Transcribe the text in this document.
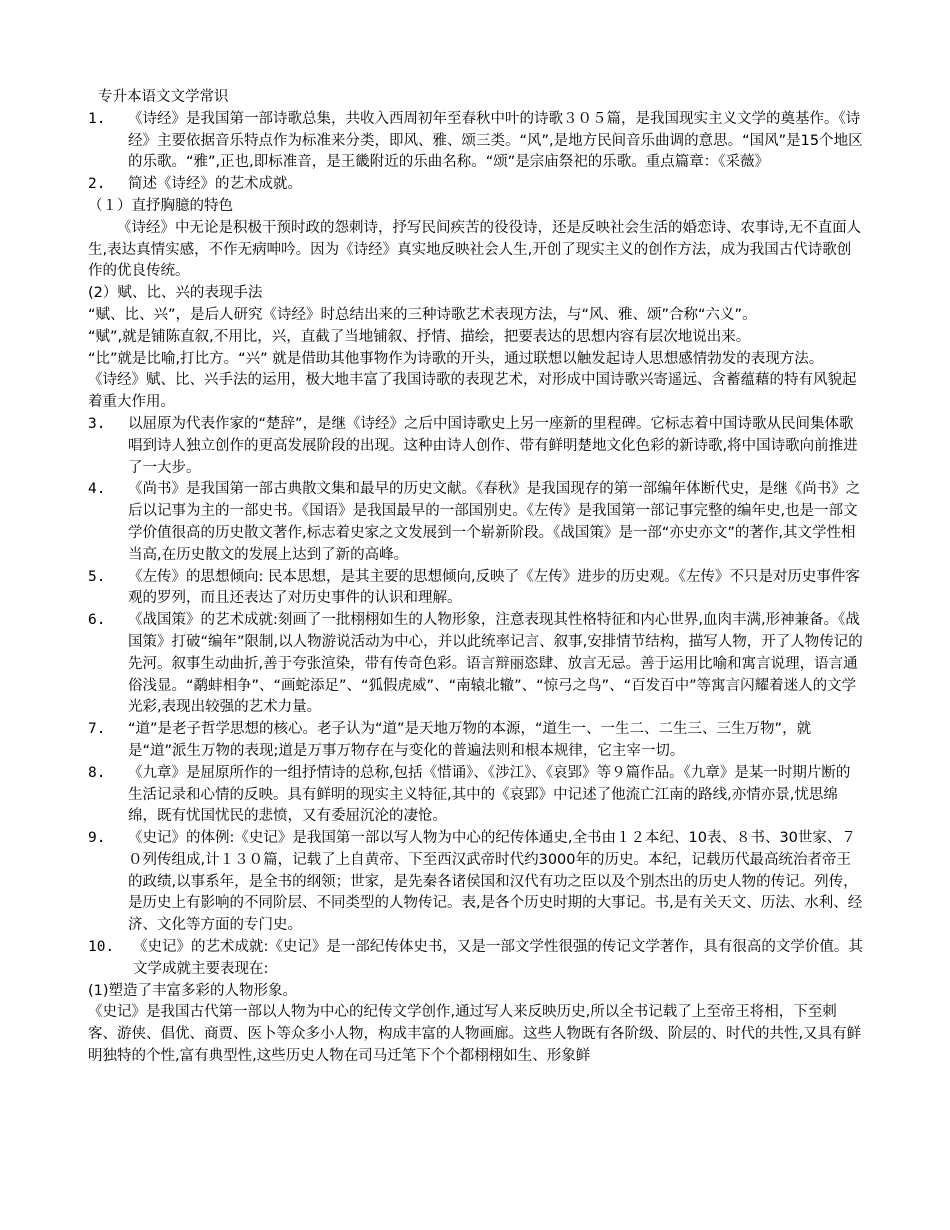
专升本语文文学常识

1.	《诗经》是我国第一部诗歌总集，共收入西周初年至春秋中叶的诗歌３０５篇，是我国现实主义文学的奠基作。《诗经》主要依据音乐特点作为标准来分类，即风、雅、颂三类。“风”,是地方民间音乐曲调的意思。“国风”是15个地区的乐歌。“雅”,正也,即标准音，是王畿附近的乐曲名称。“颂”是宗庙祭祀的乐歌。重点篇章：《采薇》
2.	简述《诗经》的艺术成就。

（１）直抒胸臆的特色

《诗经》中无论是积极干预时政的怨刺诗，抒写民间疾苦的役役诗，还是反映社会生活的婚恋诗、农事诗,无不直面人生,表达真情实感，不作无病呻吟。因为《诗经》真实地反映社会人生,开创了现实主义的创作方法，成为我国古代诗歌创作的优良传统。

(2）赋、比、兴的表现手法

“赋、比、兴”，是后人研究《诗经》时总结出来的三种诗歌艺术表现方法，与“风、雅、颂”合称“六义”。

“赋”,就是铺陈直叙,不用比，兴，直截了当地铺叙、抒情、描绘，把要表达的思想内容有层次地说出来。

“比”就是比喻,打比方。“兴” 就是借助其他事物作为诗歌的开头，通过联想以触发起诗人思想感情勃发的表现方法。

《诗经》赋、比、兴手法的运用，极大地丰富了我国诗歌的表现艺术，对形成中国诗歌兴寄遥远、含蓄蕴藉的特有风貌起着重大作用。

3.	以屈原为代表作家的“楚辞”，是继《诗经》之后中国诗歌史上另一座新的里程碑。它标志着中国诗歌从民间集体歌唱到诗人独立创作的更高发展阶段的出现。这种由诗人创作、带有鲜明楚地文化色彩的新诗歌,将中国诗歌向前推进了一大步。
4.	《尚书》是我国第一部古典散文集和最早的历史文献。《春秋》是我国现存的第一部编年体断代史，是继《尚书》之后以记事为主的一部史书。《国语》是我国最早的一部国别史。《左传》是我国第一部记事完整的编年史,也是一部文学价值很高的历史散文著作,标志着史家之文发展到一个崭新阶段。《战国策》是一部“亦史亦文”的著作,其文学性相当高,在历史散文的发展上达到了新的高峰。
5.	《左传》的思想倾向: 民本思想，是其主要的思想倾向,反映了《左传》进步的历史观。《左传》不只是对历史事件客观的罗列，而且还表达了对历史事件的认识和理解。
6.	《战国策》的艺术成就:刻画了一批栩栩如生的人物形象，注意表现其性格特征和内心世界,血肉丰满,形神兼备。《战国策》打破“编年”限制,以人物游说活动为中心，并以此统率记言、叙事,安排情节结构，描写人物，开了人物传记的先河。叙事生动曲折,善于夸张渲染，带有传奇色彩。语言辩丽恣肆、放言无忌。善于运用比喻和寓言说理，语言通俗浅显。“鹬蚌相争”、“画蛇添足”、“狐假虎威”、“南辕北辙”、“惊弓之鸟”、“百发百中”等寓言闪耀着迷人的文学光彩,表现出较强的艺术力量。
7.	“道”是老子哲学思想的核心。老子认为“道”是天地万物的本源，“道生一、一生二、二生三、三生万物”，就是“道”派生万物的表现;道是万事万物存在与变化的普遍法则和根本规律，它主宰一切。
8.	《九章》是屈原所作的一组抒情诗的总称,包括《惜诵》、《涉江》、《哀郢》等９篇作品。《九章》是某一时期片断的生活记录和心情的反映。具有鲜明的现实主义特征,其中的《哀郢》中记述了他流亡江南的路线,亦情亦景,忧思绵绵，既有忧国忧民的悲愤，又有委屈沉沦的凄怆。
9.	《史记》的体例:《史记》是我国第一部以写人物为中心的纪传体通史,全书由１２本纪、10表、８书、30世家、７０列传组成,计１３０篇，记载了上自黄帝、下至西汉武帝时代约3000年的历史。本纪，记载历代最高统治者帝王的政绩,以事系年，是全书的纲领；世家，是先秦各诸侯国和汉代有功之臣以及个别杰出的历史人物的传记。列传，是历史上有影响的不同阶层、不同类型的人物传记。表,是各个历史时期的大事记。书,是有关天文、历法、水利、经济、文化等方面的专门史。
10.	《史记》的艺术成就:《史记》是一部纪传体史书，又是一部文学性很强的传记文学著作，具有很高的文学价值。其文学成就主要表现在:

(1)塑造了丰富多彩的人物形象。

《史记》是我国古代第一部以人物为中心的纪传文学创作,通过写人来反映历史,所以全书记载了上至帝王将相，下至刺客、游侠、倡优、商贾、医卜等众多小人物，构成丰富的人物画廊。这些人物既有各阶级、阶层的、时代的共性,又具有鲜明独特的个性,富有典型性,这些历史人物在司马迁笔下个个都栩栩如生、形象鲜
